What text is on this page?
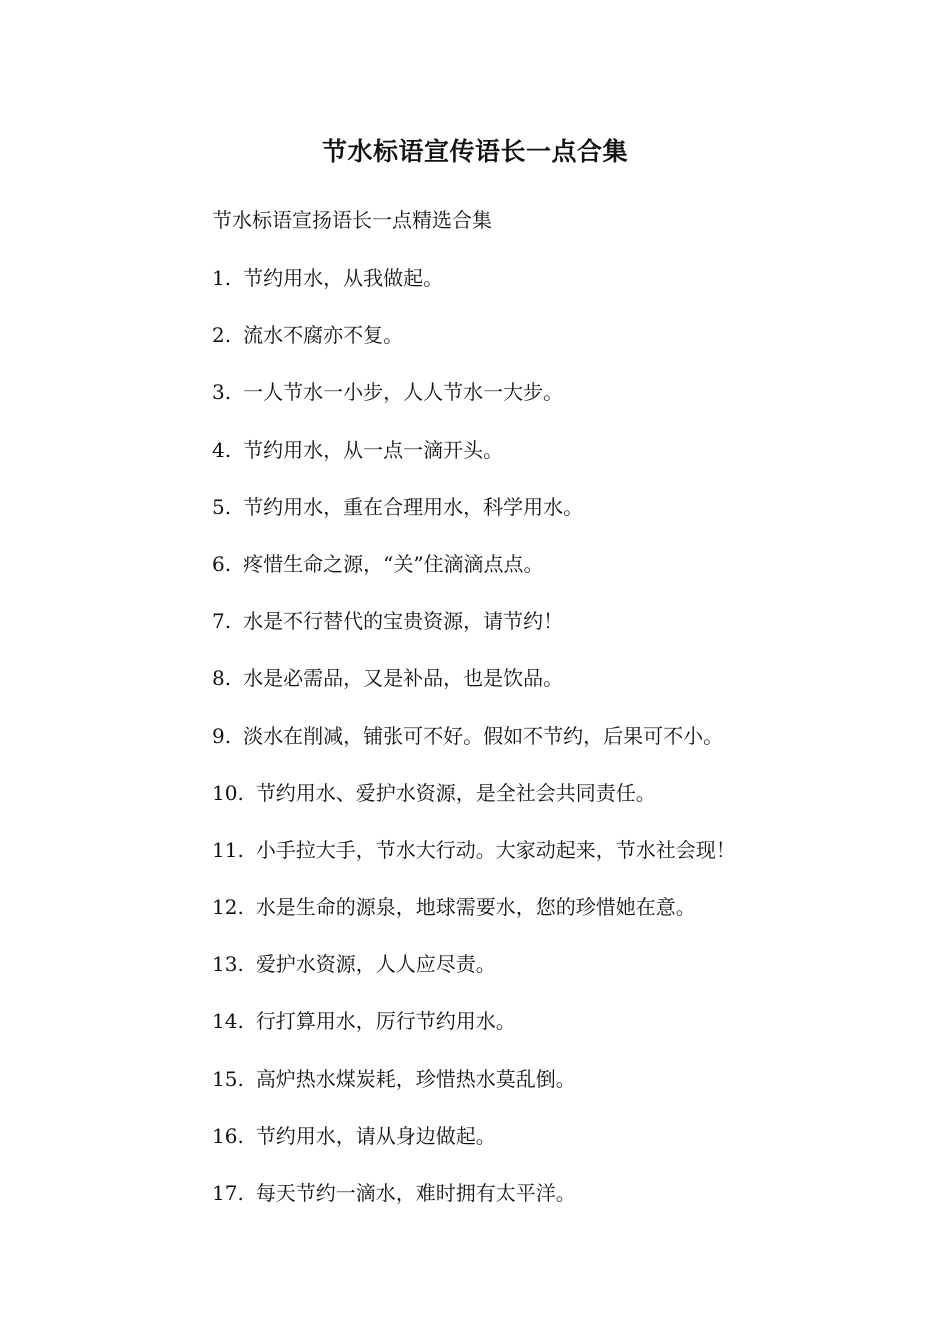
节水标语宣传语长一点合集

节水标语宣扬语长一点精选合集

1. 节约用水，从我做起。
2. 流水不腐亦不复。
3. 一人节水一小步，人人节水一大步。
4. 节约用水，从一点一滴开头。
5. 节约用水，重在合理用水，科学用水。
6. 疼惜生命之源，“关”住滴滴点点。
7. 水是不行替代的宝贵资源，请节约！
8. 水是必需品，又是补品，也是饮品。
9. 淡水在削减，铺张可不好。假如不节约，后果可不小。
10. 节约用水、爱护水资源，是全社会共同责任。
11. 小手拉大手，节水大行动。大家动起来，节水社会现！
12. 水是生命的源泉，地球需要水，您的珍惜她在意。
13. 爱护水资源，人人应尽责。
14. 行打算用水，厉行节约用水。
15. 高炉热水煤炭耗，珍惜热水莫乱倒。
16. 节约用水，请从身边做起。
17. 每天节约一滴水，难时拥有太平洋。
